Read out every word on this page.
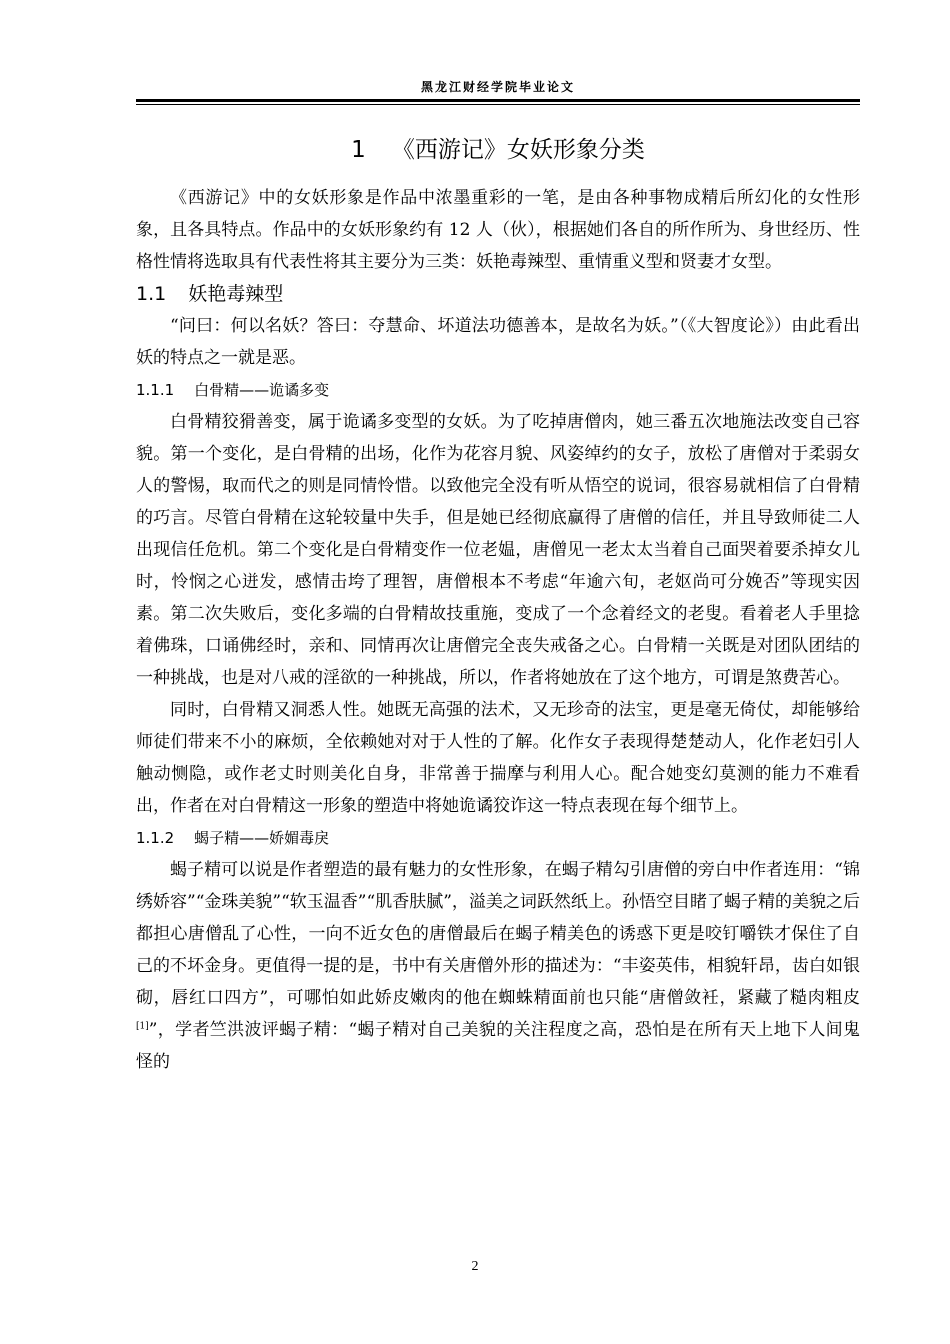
黑龙江财经学院毕业论文
1 《西游记》女妖形象分类

《西游记》中的女妖形象是作品中浓墨重彩的一笔，是由各种事物成精后所幻化的女性形象，且各具特点。作品中的女妖形象约有 12 人（伙），根据她们各自的所作所为、身世经历、性格性情将选取具有代表性将其主要分为三类：妖艳毒辣型、重情重义型和贤妻才女型。

1.1 妖艳毒辣型

“问曰：何以名妖？答曰：夺慧命、坏道法功德善本，是故名为妖。”（《大智度论》）由此看出妖的特点之一就是恶。

1.1.1 白骨精——诡谲多变

白骨精狡猾善变，属于诡谲多变型的女妖。为了吃掉唐僧肉，她三番五次地施法改变自己容貌。第一个变化，是白骨精的出场，化作为花容月貌、风姿绰约的女子，放松了唐僧对于柔弱女人的警惕，取而代之的则是同情怜惜。以致他完全没有听从悟空的说词，很容易就相信了白骨精的巧言。尽管白骨精在这轮较量中失手，但是她已经彻底赢得了唐僧的信任，并且导致师徒二人出现信任危机。第二个变化是白骨精变作一位老媪，唐僧见一老太太当着自己面哭着要杀掉女儿时，怜悯之心迸发，感情击垮了理智，唐僧根本不考虑“年逾六旬，老妪尚可分娩否”等现实因素。第二次失败后，变化多端的白骨精故技重施，变成了一个念着经文的老叟。看着老人手里捻着佛珠，口诵佛经时，亲和、同情再次让唐僧完全丧失戒备之心。白骨精一关既是对团队团结的一种挑战，也是对八戒的淫欲的一种挑战，所以，作者将她放在了这个地方，可谓是煞费苦心。

同时，白骨精又洞悉人性。她既无高强的法术，又无珍奇的法宝，更是毫无倚仗，却能够给师徒们带来不小的麻烦，全依赖她对对于人性的了解。化作女子表现得楚楚动人，化作老妇引人触动恻隐，或作老丈时则美化自身，非常善于揣摩与利用人心。配合她变幻莫测的能力不难看出，作者在对白骨精这一形象的塑造中将她诡谲狡诈这一特点表现在每个细节上。

1.1.2 蝎子精——娇媚毒戾

蝎子精可以说是作者塑造的最有魅力的女性形象，在蝎子精勾引唐僧的旁白中作者连用：“锦绣娇容”“金珠美貌”“软玉温香”“肌香肤腻”，溢美之词跃然纸上。孙悟空目睹了蝎子精的美貌之后都担心唐僧乱了心性，一向不近女色的唐僧最后在蝎子精美色的诱惑下更是咬钉嚼铁才保住了自己的不坏金身。更值得一提的是，书中有关唐僧外形的描述为：“丰姿英伟，相貌轩昂，齿白如银砌，唇红口四方”，可哪怕如此娇皮嫩肉的他在蜘蛛精面前也只能“唐僧敛衽，紧藏了糙肉粗皮[1]”，学者竺洪波评蝎子精：“蝎子精对自己美貌的关注程度之高，恐怕是在所有天上地下人间鬼怪的

2
